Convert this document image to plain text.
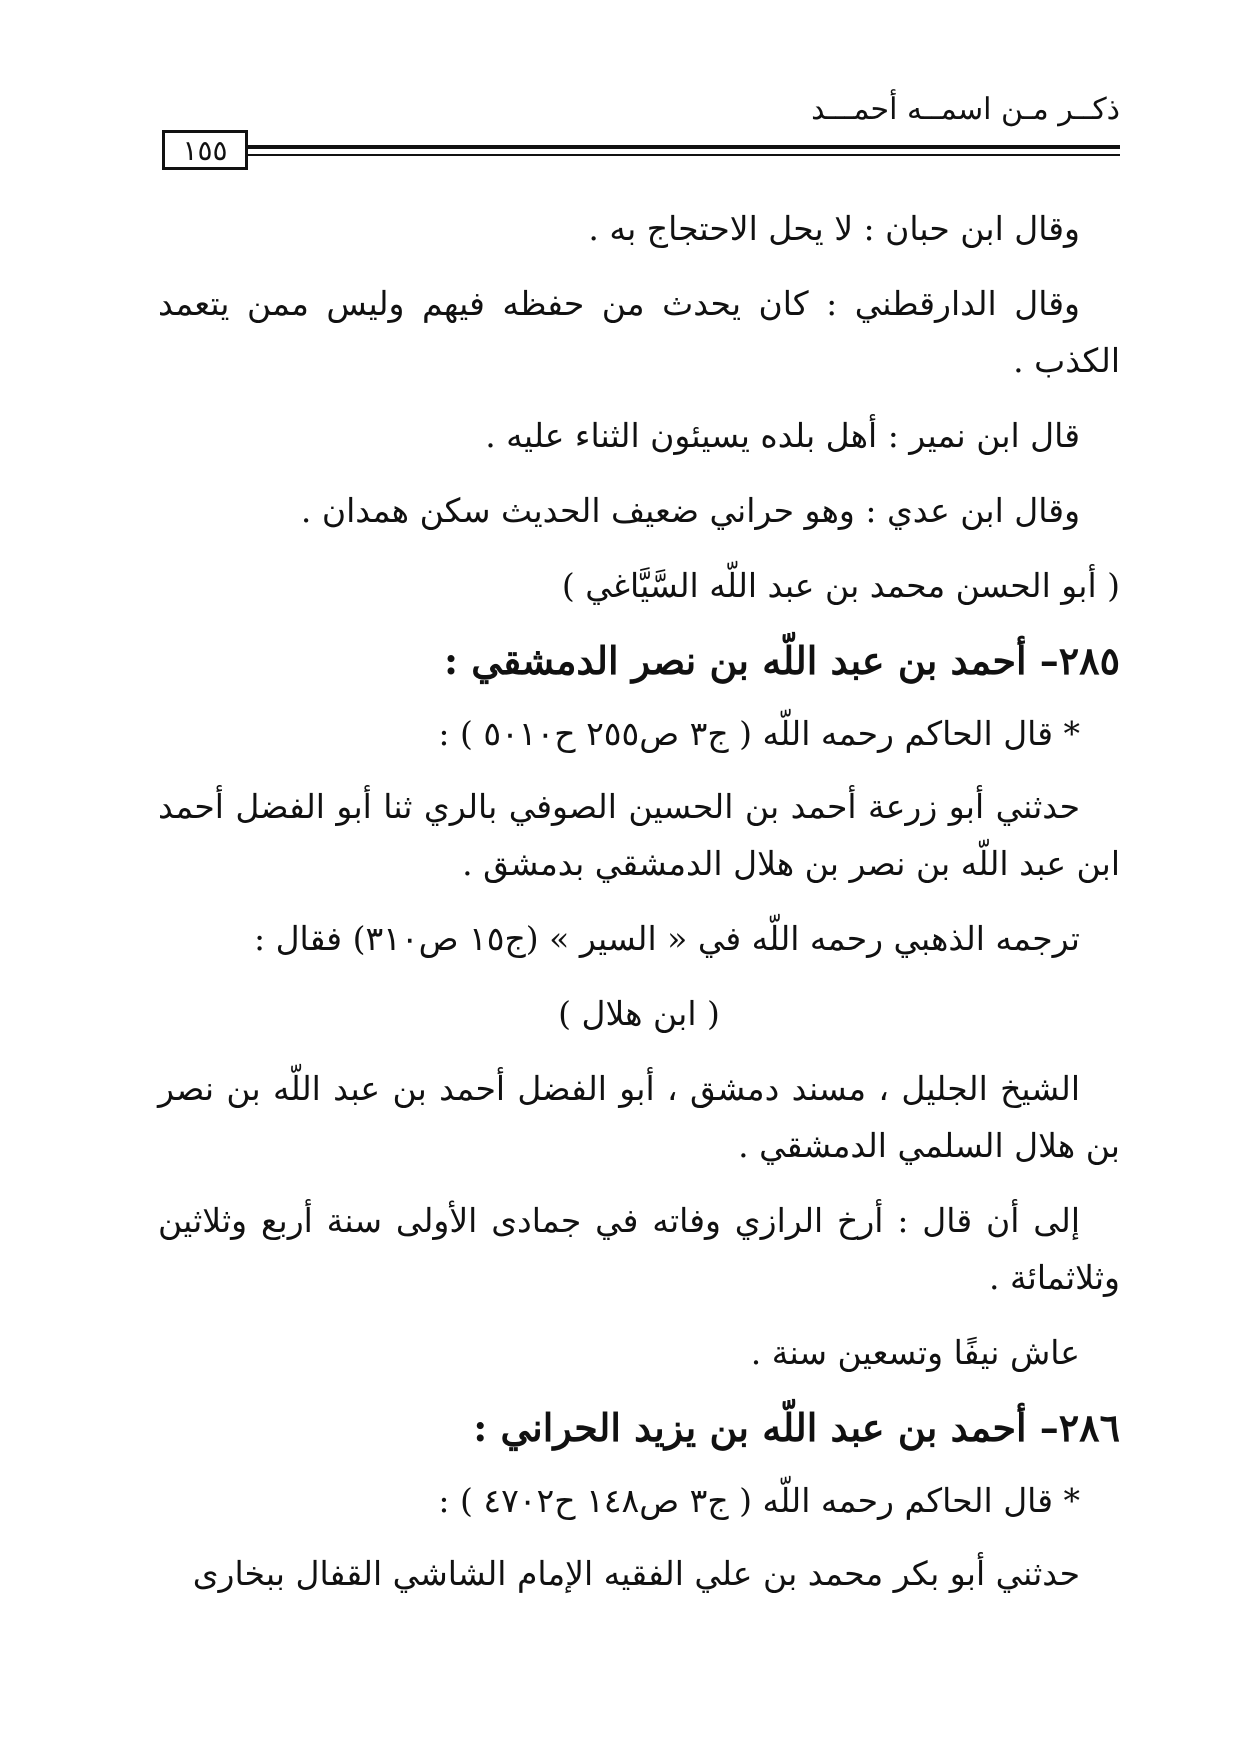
ذكــر مـن اسمــه أحمـــد
١٥٥

وقال ابن حبان : لا يحل الاحتجاج به .

وقال الدارقطني : كان يحدث من حفظه فيهم وليس ممن يتعمد الكذب .

قال ابن نمير : أهل بلده يسيئون الثناء عليه .

وقال ابن عدي : وهو حراني ضعيف الحديث سكن همدان .

( أبو الحسن محمد بن عبد اللّه السَّيَّاغي )

٢٨٥– أحمد بن عبد اللّه بن نصر الدمشقي :

* قال الحاكم رحمه اللّه ( ج٣ ص٢٥٥ ح٥٠١٠ ) :

حدثني أبو زرعة أحمد بن الحسين الصوفي بالري ثنا أبو الفضل أحمد ابن عبد اللّه بن نصر بن هلال الدمشقي بدمشق .

ترجمه الذهبي رحمه اللّه في « السير » (ج١٥ ص٣١٠) فقال :

( ابن هلال )

الشيخ الجليل ، مسند دمشق ، أبو الفضل أحمد بن عبد اللّه بن نصر بن هلال السلمي الدمشقي .

إلى أن قال : أرخ الرازي وفاته في جمادى الأولى سنة أربع وثلاثين وثلاثمائة .

عاش نيفًا وتسعين سنة .

٢٨٦– أحمد بن عبد اللّه بن يزيد الحراني :

* قال الحاكم رحمه اللّه ( ج٣ ص١٤٨ ح٤٧٠٢ ) :

حدثني أبو بكر محمد بن علي الفقيه الإمام الشاشي القفال ببخارى
